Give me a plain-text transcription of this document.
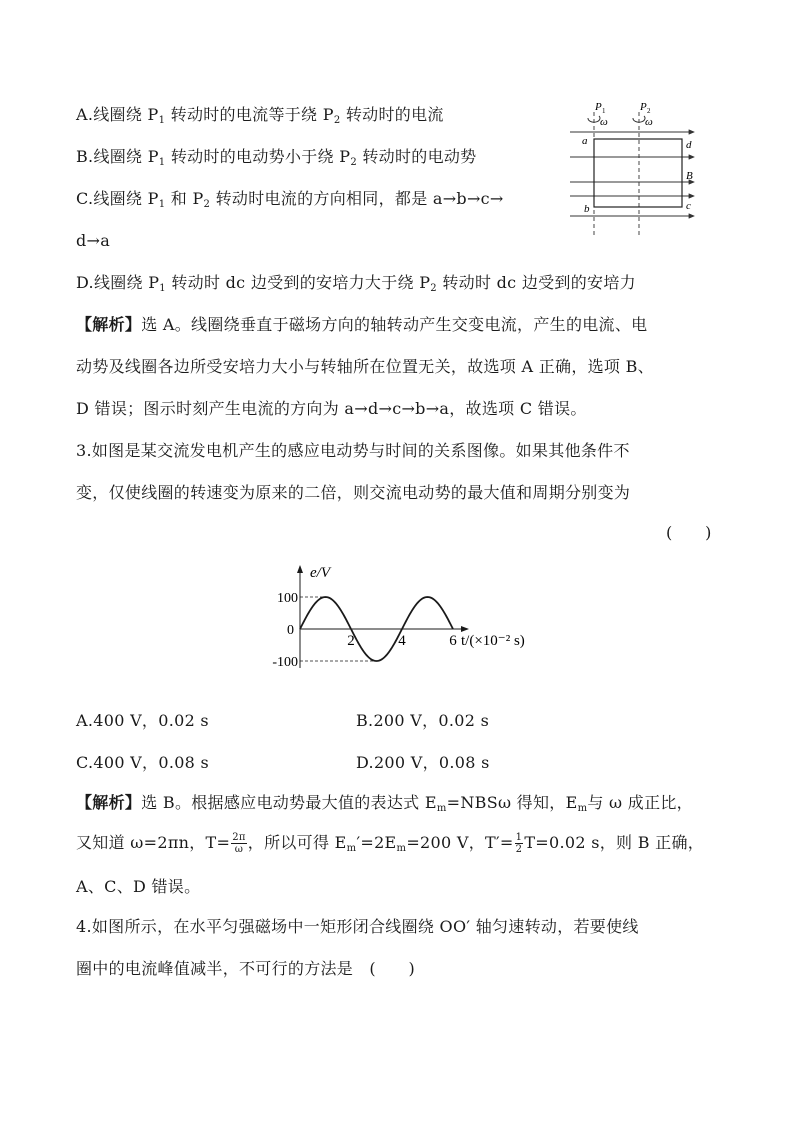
A.线圈绕 $P_1$ 转动时的电流等于绕 $P_2$ 转动时的电流
B.线圈绕 $P_1$ 转动时的电动势小于绕 $P_2$ 转动时的电动势
C.线圈绕 $P_1$ 和 $P_2$ 转动时电流的方向相同，都是 a→b→c→
d→a
D.线圈绕 $P_1$ 转动时 dc 边受到的安培力大于绕 $P_2$ 转动时 dc 边受到的安培力
P 1	P 2
ω	ω
a	d
b	c
B
【解析】选 A。线圈绕垂直于磁场方向的轴转动产生交变电流，产生的电流、电
动势及线圈各边所受安培力大小与转轴所在位置无关，故选项 A 正确，选项 B、
D 错误；图示时刻产生电流的方向为 a→d→c→b→a，故选项 C 错误。
3.如图是某交流发电机产生的感应电动势与时间的关系图像。如果其他条件不
变，仅使线圈的转速变为原来的二倍，则交流电动势的最大值和周期分别变为
(　　)
e/V
t/(×10⁻² s)
100
0
-100
2	4	6
A.400 V，0.02 s	B.200 V，0.02 s
C.400 V，0.08 s	D.200 V，0.08 s
【解析】选 B。根据感应电动势最大值的表达式 $E_m=NBS\omega$ 得知，$E_m$与 ω 成正比，
又知道 ω=2πn，$T= \frac{2\pi}{\omega}$ ，所以可得 $E_m'=2E_m=200$ V，$T'= \frac{1}{2} T=0.02$ s，则 B 正确，
A、C、D 错误。
4.如图所示，在水平匀强磁场中一矩形闭合线圈绕 OO′ 轴匀速转动，若要使线
圈中的电流峰值减半，不可行的方法是　(　　)
